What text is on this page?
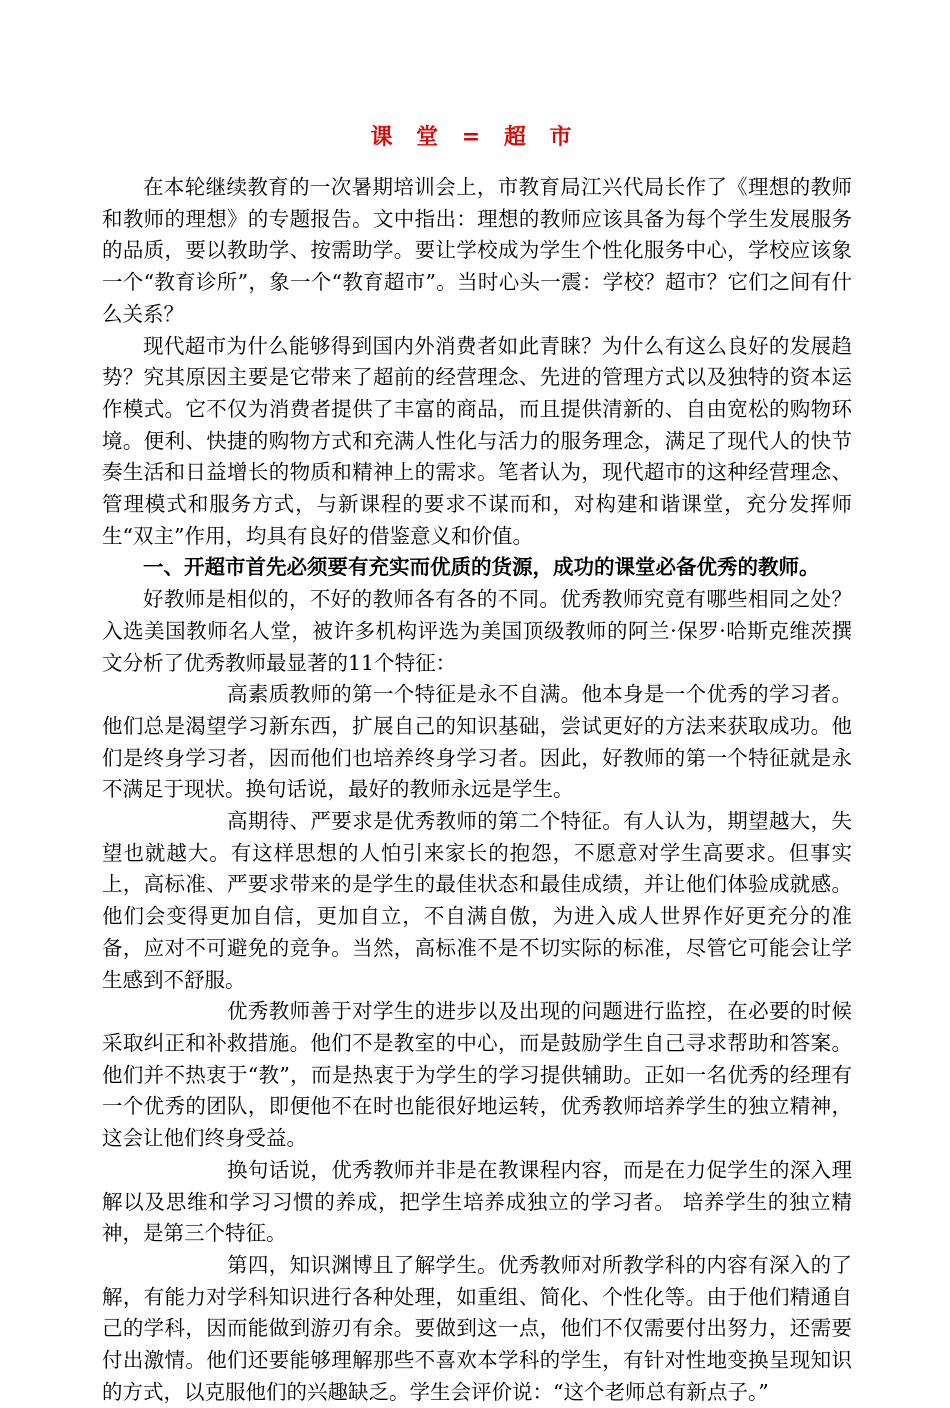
课 堂 = 超 市

在本轮继续教育的一次暑期培训会上，市教育局江兴代局长作了《理想的教师和教师的理想》的专题报告。文中指出：理想的教师应该具备为每个学生发展服务的品质，要以教助学、按需助学。要让学校成为学生个性化服务中心，学校应该象一个“教育诊所”，象一个“教育超市”。当时心头一震：学校？超市？它们之间有什么关系？

现代超市为什么能够得到国内外消费者如此青睐？为什么有这么良好的发展趋势？究其原因主要是它带来了超前的经营理念、先进的管理方式以及独特的资本运作模式。它不仅为消费者提供了丰富的商品，而且提供清新的、自由宽松的购物环境。便利、快捷的购物方式和充满人性化与活力的服务理念，满足了现代人的快节奏生活和日益增长的物质和精神上的需求。笔者认为，现代超市的这种经营理念、管理模式和服务方式，与新课程的要求不谋而和，对构建和谐课堂，充分发挥师生“双主”作用，均具有良好的借鉴意义和价值。

一、开超市首先必须要有充实而优质的货源，成功的课堂必备优秀的教师。

好教师是相似的，不好的教师各有各的不同。优秀教师究竟有哪些相同之处？入选美国教师名人堂，被许多机构评选为美国顶级教师的阿兰·保罗·哈斯克维茨撰文分析了优秀教师最显著的11个特征：

高素质教师的第一个特征是永不自满。他本身是一个优秀的学习者。他们总是渴望学习新东西，扩展自己的知识基础，尝试更好的方法来获取成功。他们是终身学习者，因而他们也培养终身学习者。因此，好教师的第一个特征就是永不满足于现状。换句话说，最好的教师永远是学生。

高期待、严要求是优秀教师的第二个特征。有人认为，期望越大，失望也就越大。有这样思想的人怕引来家长的抱怨，不愿意对学生高要求。但事实上，高标准、严要求带来的是学生的最佳状态和最佳成绩，并让他们体验成就感。他们会变得更加自信，更加自立，不自满自傲，为进入成人世界作好更充分的准备，应对不可避免的竞争。当然，高标准不是不切实际的标准，尽管它可能会让学生感到不舒服。

优秀教师善于对学生的进步以及出现的问题进行监控，在必要的时候采取纠正和补救措施。他们不是教室的中心，而是鼓励学生自己寻求帮助和答案。他们并不热衷于“教”，而是热衷于为学生的学习提供辅助。正如一名优秀的经理有一个优秀的团队，即便他不在时也能很好地运转，优秀教师培养学生的独立精神，这会让他们终身受益。

换句话说，优秀教师并非是在教课程内容，而是在力促学生的深入理解以及思维和学习习惯的养成，把学生培养成独立的学习者。 培养学生的独立精神，是第三个特征。

第四，知识渊博且了解学生。优秀教师对所教学科的内容有深入的了解，有能力对学科知识进行各种处理，如重组、简化、个性化等。由于他们精通自己的学科，因而能做到游刃有余。要做到这一点，他们不仅需要付出努力，还需要付出激情。他们还要能够理解那些不喜欢本学科的学生，有针对性地变换呈现知识的方式，以克服他们的兴趣缺乏。学生会评价说：“这个老师总有新点子。”
